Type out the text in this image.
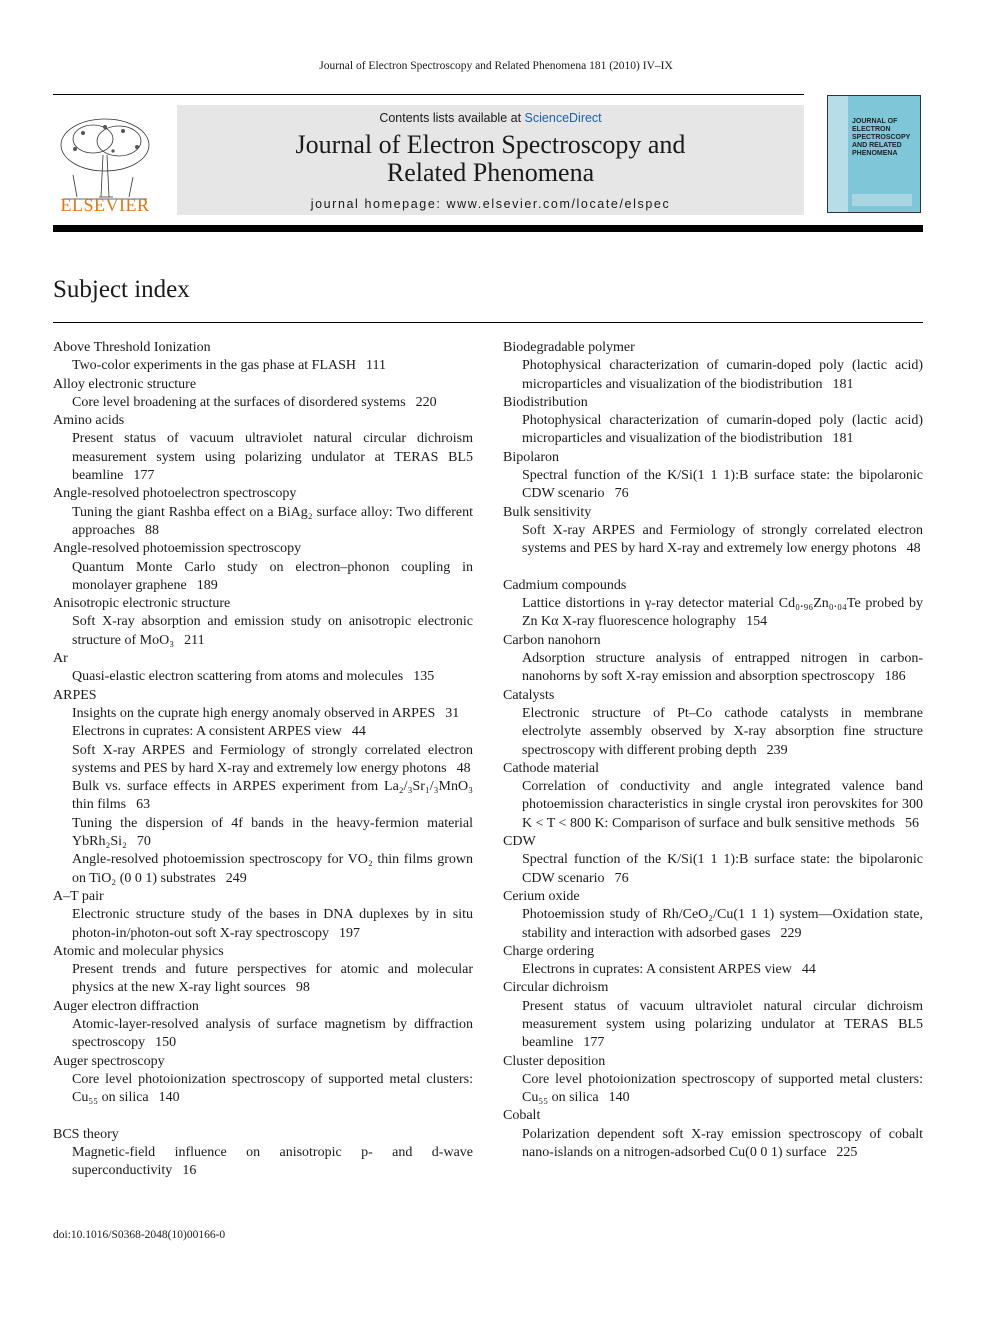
Journal of Electron Spectroscopy and Related Phenomena 181 (2010) IV–IX
ELSEVIER
Contents lists available at ScienceDirect
Journal of Electron Spectroscopy and
Related Phenomena
journal homepage: www.elsevier.com/locate/elspec
JOURNAL OF ELECTRON SPECTROSCOPY AND RELATED PHENOMENA
Subject index
Above Threshold Ionization
Two-color experiments in the gas phase at FLASH 111
Alloy electronic structure
Core level broadening at the surfaces of disordered systems 220
Amino acids
Present status of vacuum ultraviolet natural circular dichroism measurement system using polarizing undulator at TERAS BL5 beamline 177
Angle-resolved photoelectron spectroscopy
Tuning the giant Rashba effect on a BiAg₂ surface alloy: Two different approaches 88
Angle-resolved photoemission spectroscopy
Quantum Monte Carlo study on electron–phonon coupling in monolayer graphene 189
Anisotropic electronic structure
Soft X-ray absorption and emission study on anisotropic electronic structure of MoO₃ 211
Ar
Quasi-elastic electron scattering from atoms and molecules 135
ARPES
Insights on the cuprate high energy anomaly observed in ARPES 31
Electrons in cuprates: A consistent ARPES view 44
Soft X-ray ARPES and Fermiology of strongly correlated electron systems and PES by hard X-ray and extremely low energy photons 48
Bulk vs. surface effects in ARPES experiment from La₂/₃Sr₁/₃MnO₃ thin films 63
Tuning the dispersion of 4f bands in the heavy-fermion material YbRh₂Si₂ 70
Angle-resolved photoemission spectroscopy for VO₂ thin films grown on TiO₂ (0 0 1) substrates 249
A–T pair
Electronic structure study of the bases in DNA duplexes by in situ photon-in/photon-out soft X-ray spectroscopy 197
Atomic and molecular physics
Present trends and future perspectives for atomic and molecular physics at the new X-ray light sources 98
Auger electron diffraction
Atomic-layer-resolved analysis of surface magnetism by diffraction spectroscopy 150
Auger spectroscopy
Core level photoionization spectroscopy of supported metal clusters: Cu₅₅ on silica 140
BCS theory
Magnetic-field influence on anisotropic p- and d-wave superconductivity 16
Biodegradable polymer
Photophysical characterization of cumarin-doped poly (lactic acid) microparticles and visualization of the biodistribution 181
Biodistribution
Photophysical characterization of cumarin-doped poly (lactic acid) microparticles and visualization of the biodistribution 181
Bipolaron
Spectral function of the K/Si(1 1 1):B surface state: the bipolaronic CDW scenario 76
Bulk sensitivity
Soft X-ray ARPES and Fermiology of strongly correlated electron systems and PES by hard X-ray and extremely low energy photons 48
Cadmium compounds
Lattice distortions in γ-ray detector material Cd₀.₉₆Zn₀.₀₄Te probed by Zn Kα X-ray fluorescence holography 154
Carbon nanohorn
Adsorption structure analysis of entrapped nitrogen in carbon-nanohorns by soft X-ray emission and absorption spectroscopy 186
Catalysts
Electronic structure of Pt–Co cathode catalysts in membrane electrolyte assembly observed by X-ray absorption fine structure spectroscopy with different probing depth 239
Cathode material
Correlation of conductivity and angle integrated valence band photoemission characteristics in single crystal iron perovskites for 300 K < T < 800 K: Comparison of surface and bulk sensitive methods 56
CDW
Spectral function of the K/Si(1 1 1):B surface state: the bipolaronic CDW scenario 76
Cerium oxide
Photoemission study of Rh/CeO₂/Cu(1 1 1) system—Oxidation state, stability and interaction with adsorbed gases 229
Charge ordering
Electrons in cuprates: A consistent ARPES view 44
Circular dichroism
Present status of vacuum ultraviolet natural circular dichroism measurement system using polarizing undulator at TERAS BL5 beamline 177
Cluster deposition
Core level photoionization spectroscopy of supported metal clusters: Cu₅₅ on silica 140
Cobalt
Polarization dependent soft X-ray emission spectroscopy of cobalt nano-islands on a nitrogen-adsorbed Cu(0 0 1) surface 225
doi:10.1016/S0368-2048(10)00166-0
